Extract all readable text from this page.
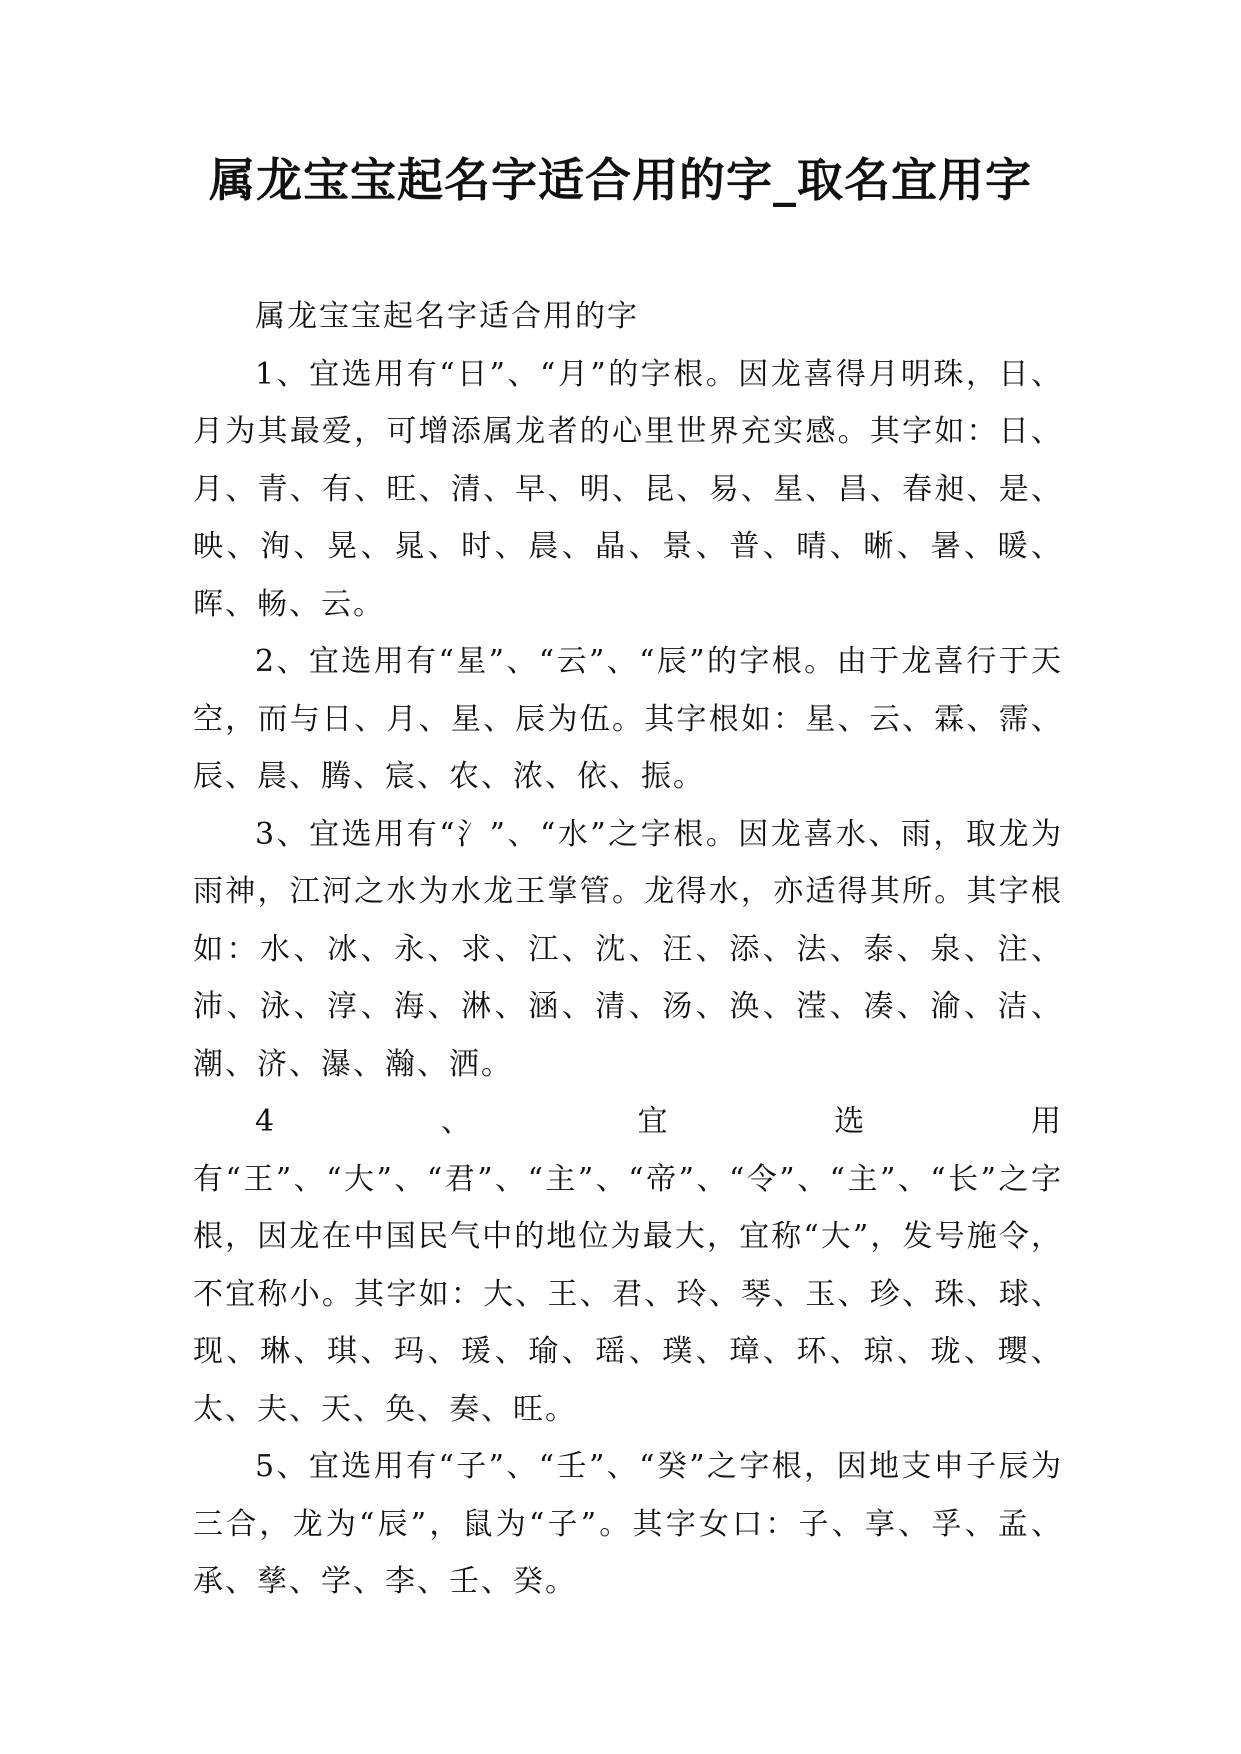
属龙宝宝起名字适合用的字_取名宜用字

属龙宝宝起名字适合用的字

1、宜选用有“日”、“月”的字根。因龙喜得月明珠，日、月为其最爱，可增添属龙者的心里世界充实感。其字如：日、月、青、有、旺、清、早、明、昆、易、星、昌、春昶、是、映、洵、晃、晁、时、晨、晶、景、普、晴、晰、暑、暖、晖、畅、云。

2、宜选用有“星”、“云”、“辰”的字根。由于龙喜行于天空，而与日、月、星、辰为伍。其字根如：星、云、霖、霈、辰、晨、腾、宸、农、浓、依、振。

3、宜选用有“氵”、“水”之字根。因龙喜水、雨，取龙为雨神，江河之水为水龙王掌管。龙得水，亦适得其所。其字根如：水、冰、永、求、江、沈、汪、添、法、泰、泉、注、沛、泳、淳、海、淋、涵、清、汤、涣、滢、凑、渝、洁、潮、济、瀑、瀚、洒。

4、宜选用有“王”、“大”、“君”、“主”、“帝”、“令”、“主”、“长”之字根，因龙在中国民气中的地位为最大，宜称“大”，发号施令，不宜称小。其字如：大、王、君、玲、琴、玉、珍、珠、球、现、琳、琪、玛、瑗、瑜、瑶、璞、璋、环、琼、珑、瓔、太、夫、天、奂、奏、旺。

5、宜选用有“子”、“壬”、“癸”之字根，因地支申子辰为三合，龙为“辰”，鼠为“子”。其字女口：子、享、孚、孟、承、孳、学、李、壬、癸。
